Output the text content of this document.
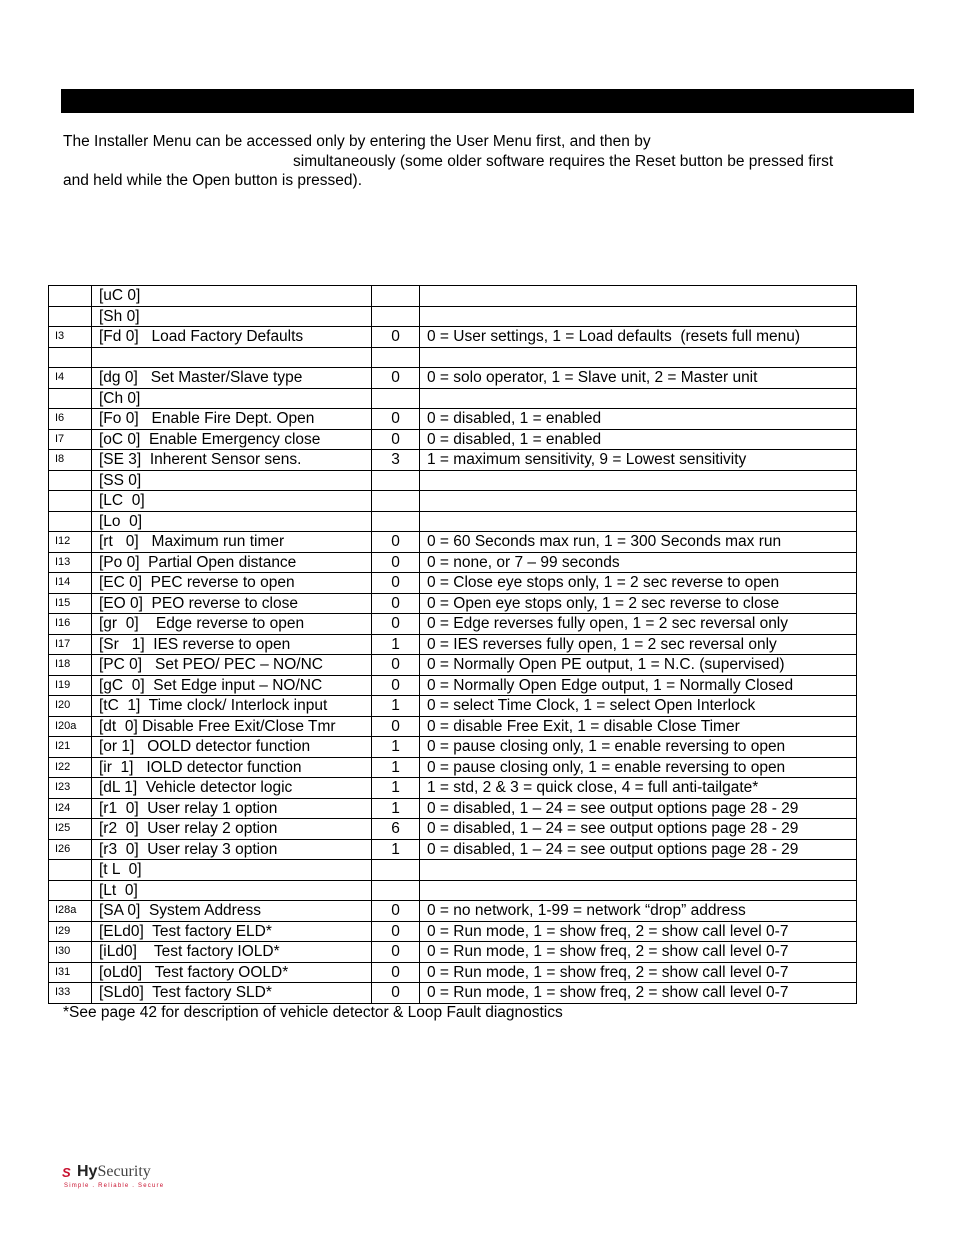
The Installer Menu can be accessed only by entering the User Menu first, and then by
simultaneously (some older software requires the Reset button be pressed first
and held while the Open button is pressed).
	[uC 0]		
	[Sh 0]		
I3	[Fd 0]   Load Factory Defaults	0	0 = User settings, 1 = Load defaults  (resets full menu)

I4	[dg 0]   Set Master/Slave type	0	0 = solo operator, 1 = Slave unit, 2 = Master unit
	[Ch 0]		
I6	[Fo 0]   Enable Fire Dept. Open	0	0 = disabled, 1 = enabled
I7	[oC 0]  Enable Emergency close	0	0 = disabled, 1 = enabled
I8	[SE 3]  Inherent Sensor sens.	3	1 = maximum sensitivity, 9 = Lowest sensitivity
	[SS 0]		
	[LC  0]		
	[Lo  0]		
I12	[rt   0]   Maximum run timer	0	0 = 60 Seconds max run, 1 = 300 Seconds max run
I13	[Po 0]  Partial Open distance	0	0 = none, or 7 – 99 seconds
I14	[EC 0]  PEC reverse to open	0	0 = Close eye stops only, 1 = 2 sec reverse to open
I15	[EO 0]  PEO reverse to close	0	0 = Open eye stops only, 1 = 2 sec reverse to close
I16	[gr  0]    Edge reverse to open	0	0 = Edge reverses fully open, 1 = 2 sec reversal only
I17	[Sr   1]  IES reverse to open	1	0 = IES reverses fully open, 1 = 2 sec reversal only
I18	[PC 0]   Set PEO/ PEC – NO/NC	0	0 = Normally Open PE output, 1 = N.C. (supervised)
I19	[gC  0]  Set Edge input – NO/NC	0	0 = Normally Open Edge output, 1 = Normally Closed
I20	[tC  1]  Time clock/ Interlock input	1	0 = select Time Clock, 1 = select Open Interlock
I20a	[dt  0] Disable Free Exit/Close Tmr	0	0 = disable Free Exit, 1 = disable Close Timer
I21	[or 1]   OOLD detector function	1	0 = pause closing only, 1 = enable reversing to open
I22	[ir  1]   IOLD detector function	1	0 = pause closing only, 1 = enable reversing to open
I23	[dL 1]  Vehicle detector logic	1	1 = std, 2 & 3 = quick close, 4 = full anti-tailgate*
I24	[r1  0]  User relay 1 option	1	0 = disabled, 1 – 24 = see output options page 28 - 29
I25	[r2  0]  User relay 2 option	6	0 = disabled, 1 – 24 = see output options page 28 - 29
I26	[r3  0]  User relay 3 option	1	0 = disabled, 1 – 24 = see output options page 28 - 29
	[t L  0]		
	[Lt  0]		
I28a	[SA 0]  System Address	0	0 = no network, 1-99 = network “drop” address
I29	[ELd0]  Test factory ELD*	0	0 = Run mode, 1 = show freq, 2 = show call level 0-7
I30	[iLd0]    Test factory IOLD*	0	0 = Run mode, 1 = show freq, 2 = show call level 0-7
I31	[oLd0]   Test factory OOLD*	0	0 = Run mode, 1 = show freq, 2 = show call level 0-7
I33	[SLd0]  Test factory SLD*	0	0 = Run mode, 1 = show freq, 2 = show call level 0-7
*See page 42 for description of vehicle detector & Loop Fault diagnostics
S HySecurity
Simple . Reliable . Secure
